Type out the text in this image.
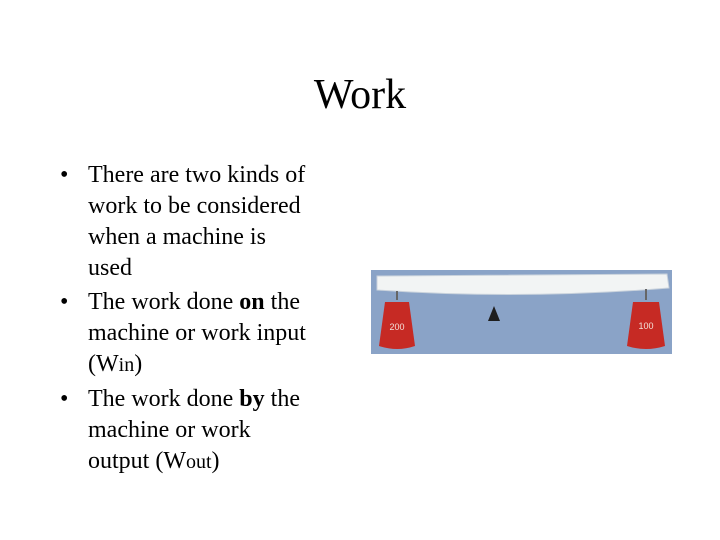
Work
• There are two kinds of
work to be considered
when a machine is
used
• The work done on the
machine or work input
(Win)
• The work done by the
machine or work
output (Wout)
200	100
